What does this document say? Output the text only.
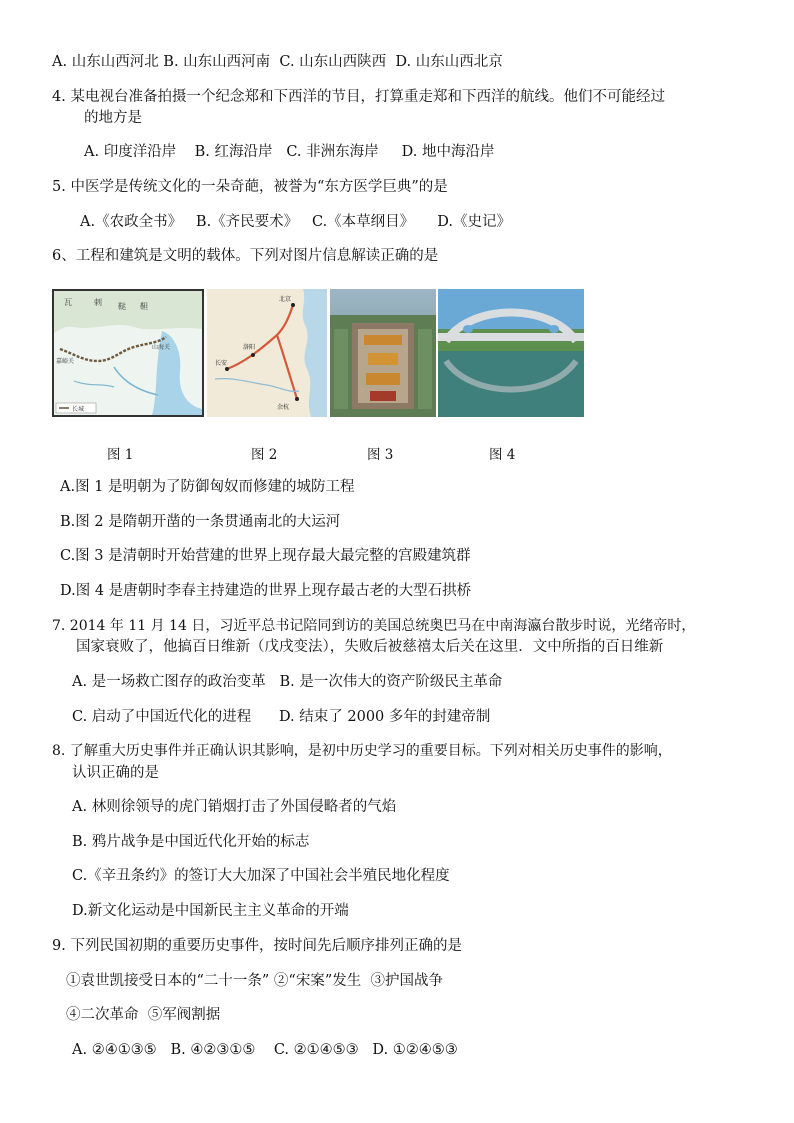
A. 山东山西河北 B. 山东山西河南  C. 山东山西陕西  D. 山东山西北京
4. 某电视台准备拍摄一个纪念郑和下西洋的节目，打算重走郑和下西洋的航线。他们不可能经过
的地方是
A. 印度洋沿岸    B. 红海沿岸   C. 非洲东海岸     D. 地中海沿岸
5. 中医学是传统文化的一朵奇葩，被誉为“东方医学巨典”的是
A.《农政全书》   B.《齐民要术》   C.《本草纲目》     D.《史记》
6、工程和建筑是文明的载体。下列对图片信息解读正确的是
瓦	剌 鞑 靼
山海关
嘉峪关
长城
北京
洛阳
长安
余杭
图 1	图 2	图 3	图 4
A.图 1 是明朝为了防御匈奴而修建的城防工程
B.图 2 是隋朝开凿的一条贯通南北的大运河
C.图 3 是清朝时开始营建的世界上现存最大最完整的宫殿建筑群
D.图 4 是唐朝时李春主持建造的世界上现存最古老的大型石拱桥
7. 2014 年 11 月 14 日，习近平总书记陪同到访的美国总统奥巴马在中南海瀛台散步时说，光绪帝时，
国家衰败了，他搞百日维新（戊戌变法），失败后被慈禧太后关在这里．文中所指的百日维新
A. 是一场救亡图存的政治变革   B. 是一次伟大的资产阶级民主革命
C. 启动了中国近代化的进程      D. 结束了 2000 多年的封建帝制
8. 了解重大历史事件并正确认识其影响，是初中历史学习的重要目标。下列对相关历史事件的影响，
认识正确的是
A. 林则徐领导的虎门销烟打击了外国侵略者的气焰
B. 鸦片战争是中国近代化开始的标志
C.《辛丑条约》的签订大大加深了中国社会半殖民地化程度
D.新文化运动是中国新民主主义革命的开端
9. 下列民国初期的重要历史事件，按时间先后顺序排列正确的是
①袁世凯接受日本的“二十一条” ②“宋案”发生  ③护国战争
④二次革命  ⑤军阀割据
A. ②④①③⑤   B. ④②③①⑤    C. ②①④⑤③   D. ①②④⑤③
